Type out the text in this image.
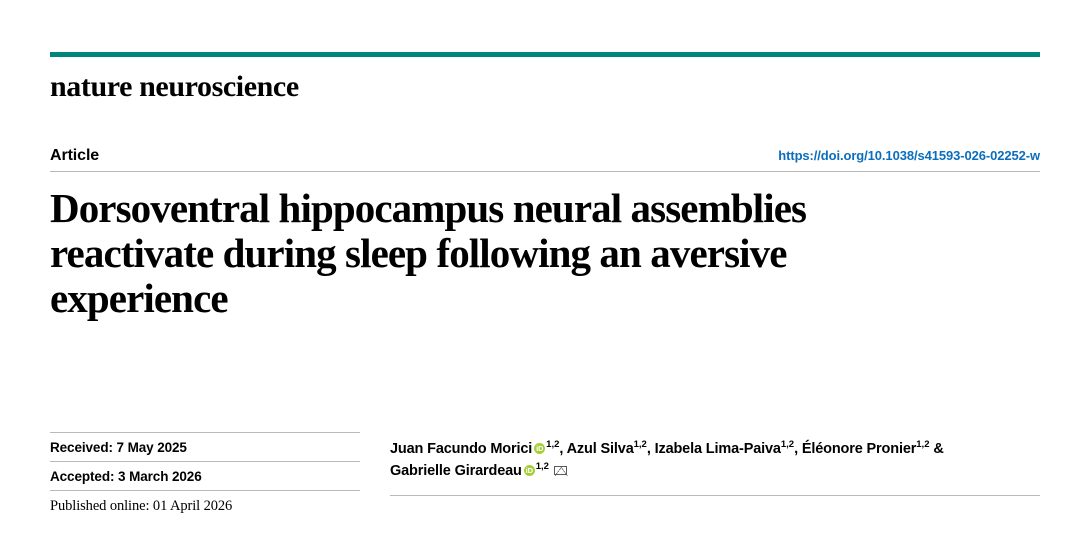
nature neuroscience
Article	https://doi.org/10.1038/s41593-026-02252-w
Dorsoventral hippocampus neural assemblies reactivate during sleep following an aversive experience
Received: 7 May 2025
Accepted: 3 March 2026
Published online: 01 April 2026
Juan Facundo Morici iD $^{1,2}$, Azul Silva$^{1,2}$, Izabela Lima-Paiva$^{1,2}$, Éléonore Pronier$^{1,2}$ &
Gabrielle Girardeau iD $^{1,2}$
